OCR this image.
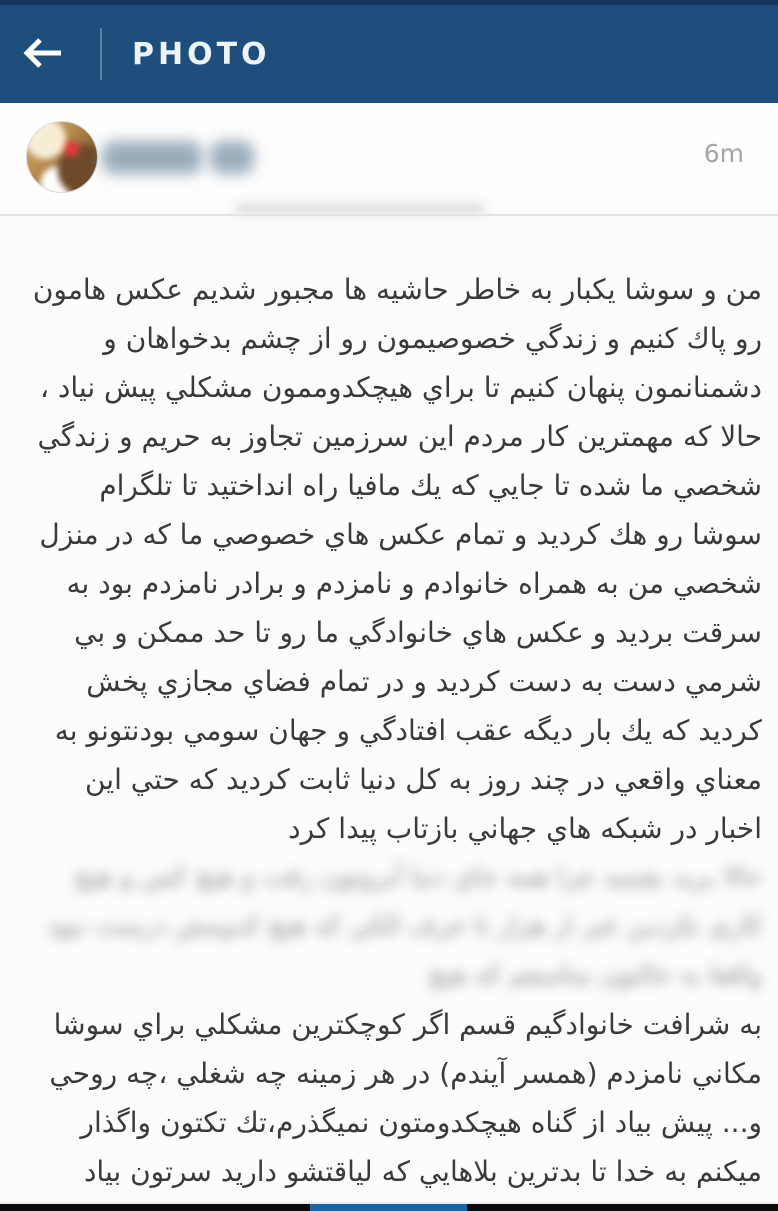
PHOTO
6m

من و سوشا يكبار به خاطر حاشيه ها مجبور شديم عكس هامون

رو پاك كنيم و زندگي خصوصيمون رو از چشم بدخواهان و

دشمنانمون پنهان كنيم تا براي هيچكدوممون مشكلي پيش نياد ،

حالا كه مهمترين كار مردم اين سرزمين تجاوز به حريم و زندگي

شخصي ما شده تا جايي كه يك مافيا راه انداختيد تا تلگرام

سوشا رو هك كرديد و تمام عكس هاي خصوصي ما كه در منزل

شخصي من به همراه خانوادم و نامزدم و برادر نامزدم بود به

سرقت برديد و عكس هاي خانوادگي ما رو تا حد ممكن و بي

شرمي دست به دست كرديد و در تمام فضاي مجازي پخش

كرديد كه يك بار ديگه عقب افتادگي و جهان سومي بودنتونو به

معناي واقعي در چند روز به كل دنيا ثابت كرديد كه حتي اين

اخبار در شبكه هاي جهاني بازتاب پيدا كرد

حالا بريد بچينيد چرا همه جاي دنيا آبروتون رفت و هيچ كس و هيچ

كاري نكردين غير از هزار تا حرف الكي كه هيچ كدومش درست نبود

واقعا به حالتون متاسفم كه هيچ

به شرافت خانوادگيم قسم اگر كوچكترين مشكلي براي سوشا

مكاني نامزدم (همسر آيندم) در هر زمينه چه شغلي ،چه روحي

و... پيش بياد از گناه هيچكدومتون نميگذرم،تك تكتون واگذار

ميكنم به خدا تا بدترين بلاهايي كه لياقتشو داريد سرتون بياد
